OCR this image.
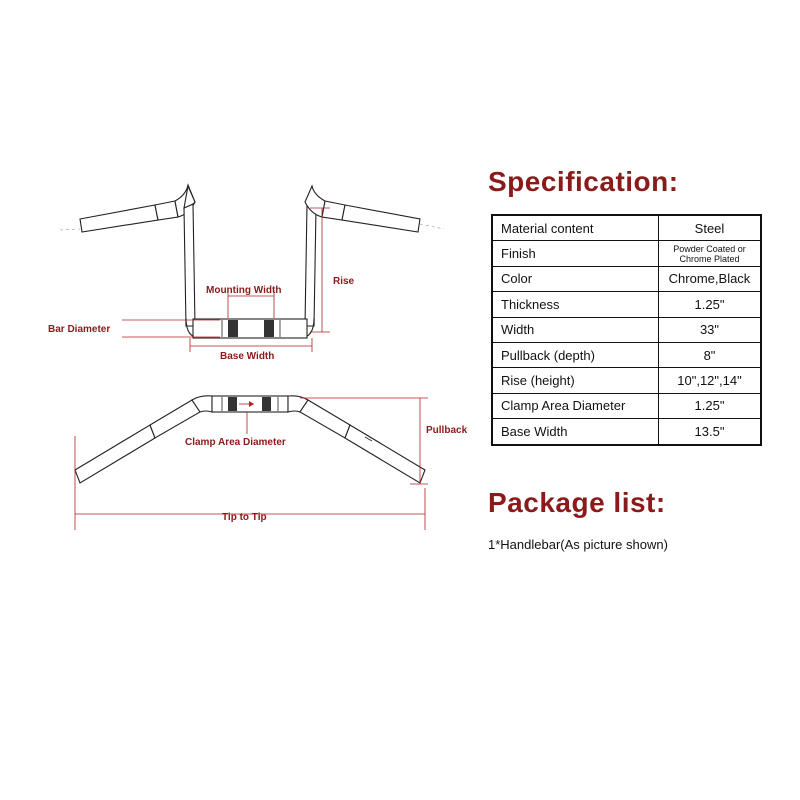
Mounting Width
Rise
Bar Diameter
Base Width
Clamp Area Diameter
Pullback
Tip to Tip
Specification:
Material content	Steel
Finish	Powder Coated or
Chrome Plated

Color	Chrome,Black
Thickness	1.25"
Width	33"
Pullback (depth)	8"
Rise (height)	10",12",14"
Clamp Area Diameter	1.25"
Base Width	13.5"
Package list:

1*Handlebar(As picture shown)
